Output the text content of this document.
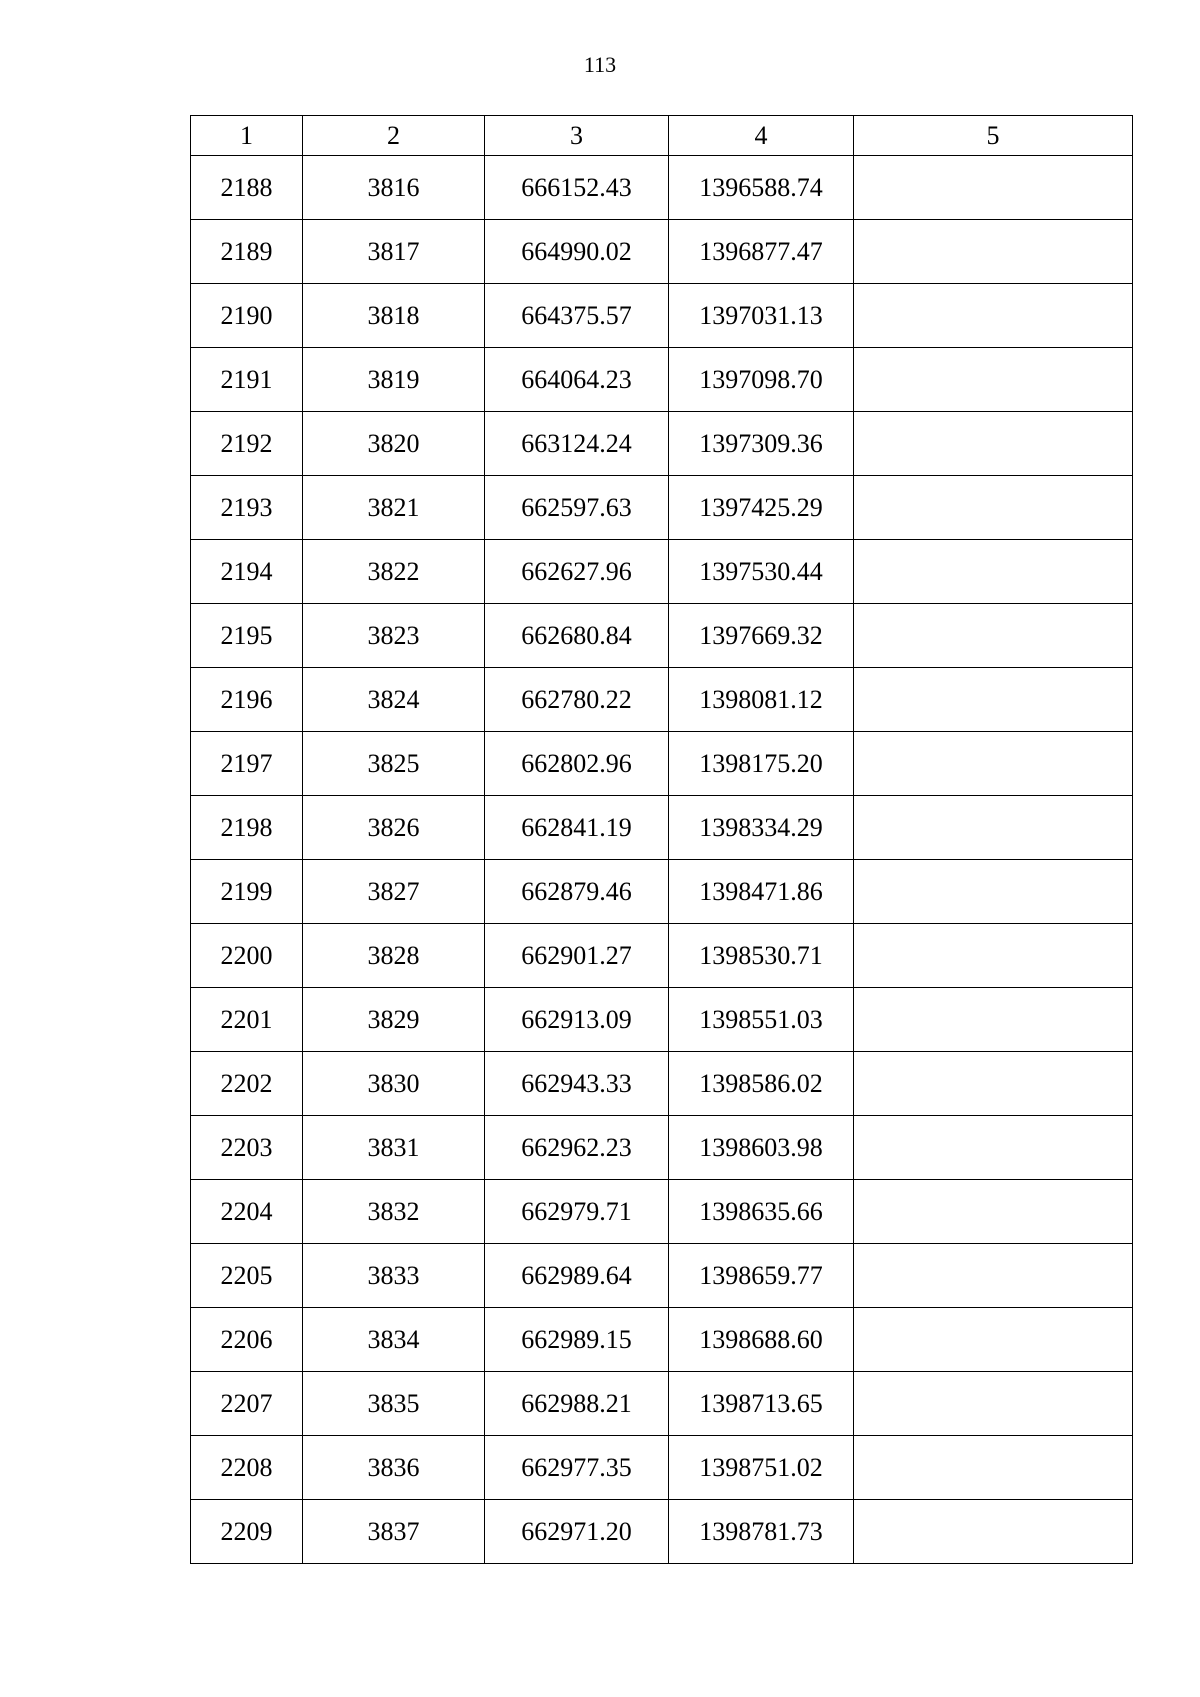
113
1	2	3	4	5
2188	3816	666152.43	1396588.74	
2189	3817	664990.02	1396877.47	
2190	3818	664375.57	1397031.13	
2191	3819	664064.23	1397098.70	
2192	3820	663124.24	1397309.36	
2193	3821	662597.63	1397425.29	
2194	3822	662627.96	1397530.44	
2195	3823	662680.84	1397669.32	
2196	3824	662780.22	1398081.12	
2197	3825	662802.96	1398175.20	
2198	3826	662841.19	1398334.29	
2199	3827	662879.46	1398471.86	
2200	3828	662901.27	1398530.71	
2201	3829	662913.09	1398551.03	
2202	3830	662943.33	1398586.02	
2203	3831	662962.23	1398603.98	
2204	3832	662979.71	1398635.66	
2205	3833	662989.64	1398659.77	
2206	3834	662989.15	1398688.60	
2207	3835	662988.21	1398713.65	
2208	3836	662977.35	1398751.02	
2209	3837	662971.20	1398781.73	
